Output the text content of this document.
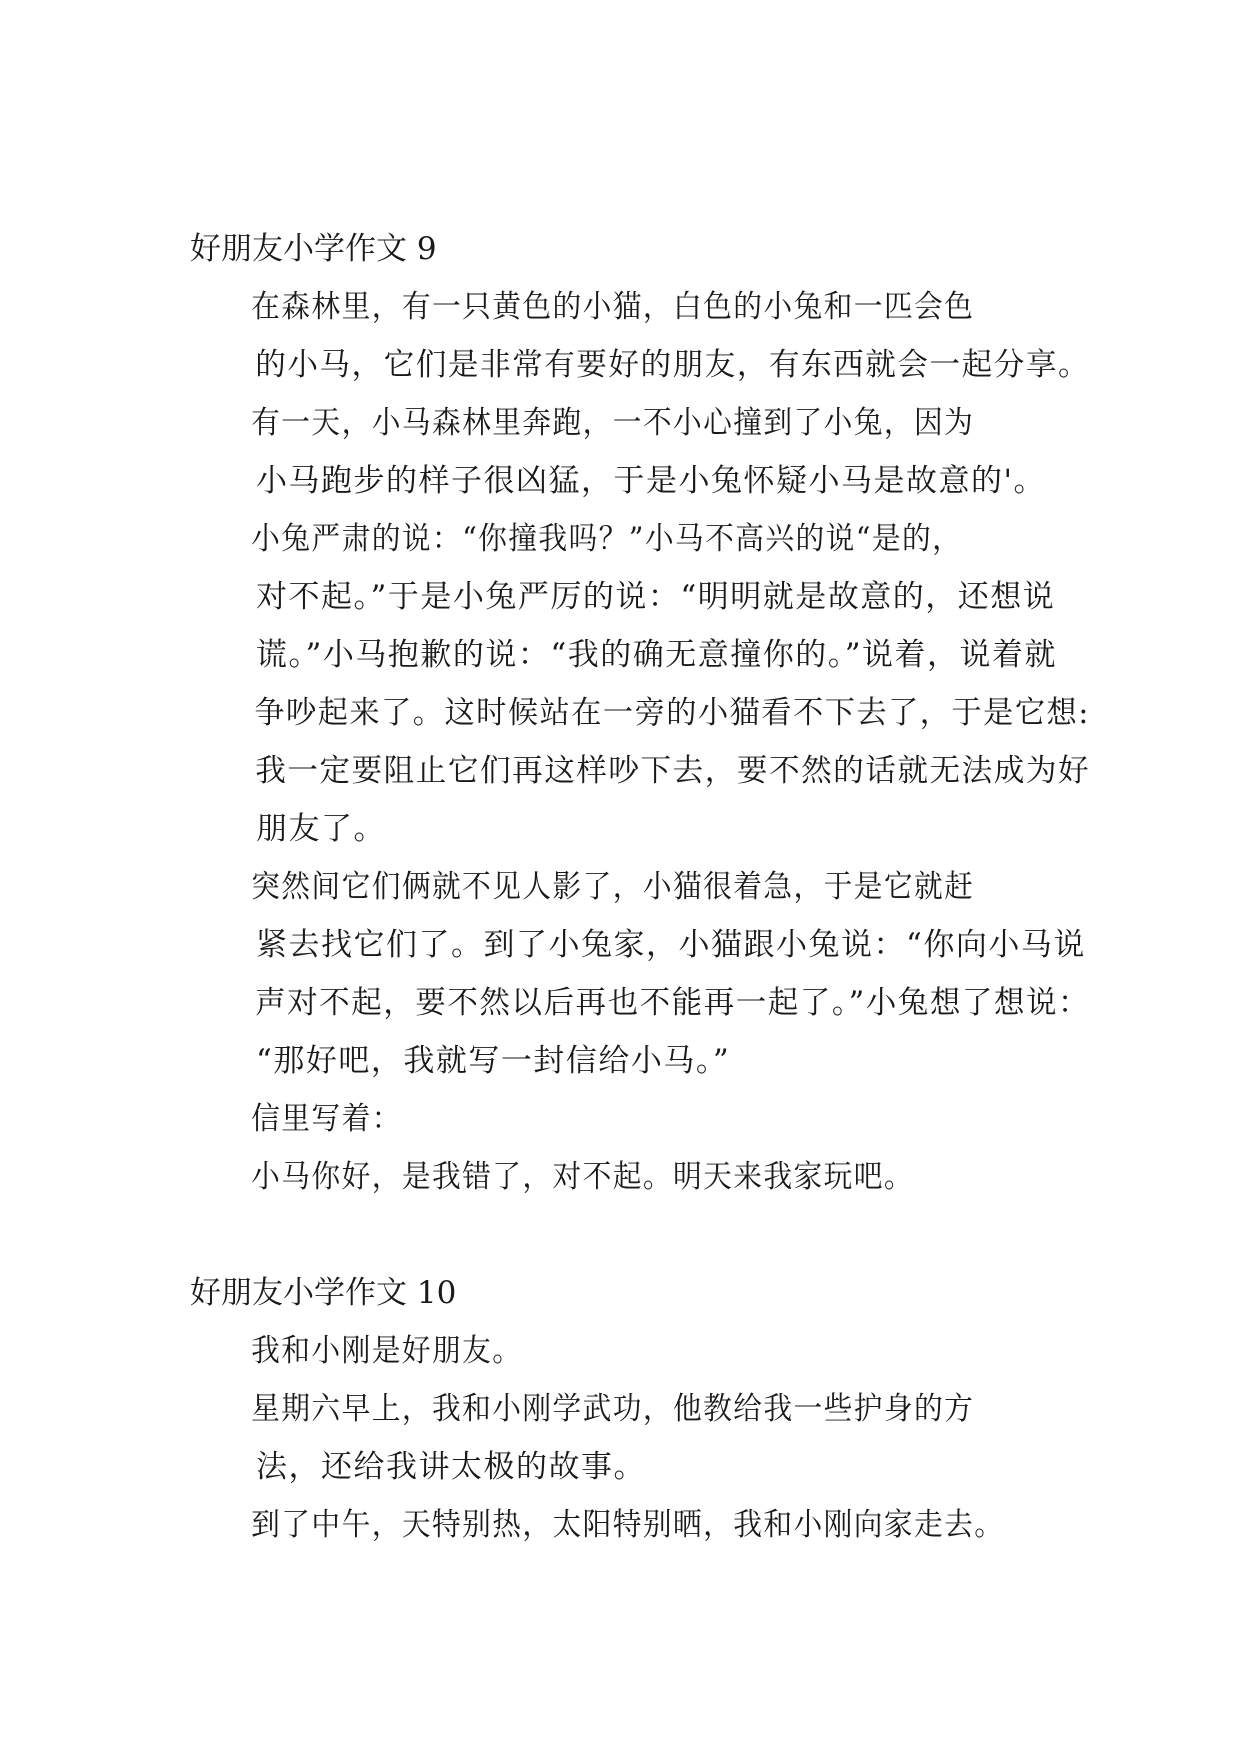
好朋友小学作文 9

在森林里，有一只黄色的小猫，白色的小兔和一匹会色
的小马，它们是非常有要好的朋友，有东西就会一起分享。

有一天，小马森林里奔跑，一不小心撞到了小兔，因为
小马跑步的样子很凶猛，于是小兔怀疑小马是故意的'。

小兔严肃的说：“你撞我吗？”小马不高兴的说“是的，
对不起。”于是小兔严厉的说：“明明就是故意的，还想说
谎。”小马抱歉的说：“我的确无意撞你的。”说着，说着就
争吵起来了。这时候站在一旁的小猫看不下去了，于是它想:
我一定要阻止它们再这样吵下去，要不然的话就无法成为好
朋友了。

突然间它们俩就不见人影了，小猫很着急，于是它就赶
紧去找它们了。到了小兔家，小猫跟小兔说：“你向小马说
声对不起，要不然以后再也不能再一起了。”小兔想了想说：
“那好吧，我就写一封信给小马。”

信里写着：

小马你好，是我错了，对不起。明天来我家玩吧。

好朋友小学作文 10

我和小刚是好朋友。

星期六早上，我和小刚学武功，他教给我一些护身的方
法，还给我讲太极的故事。

到了中午，天特别热，太阳特别晒，我和小刚向家走去。
